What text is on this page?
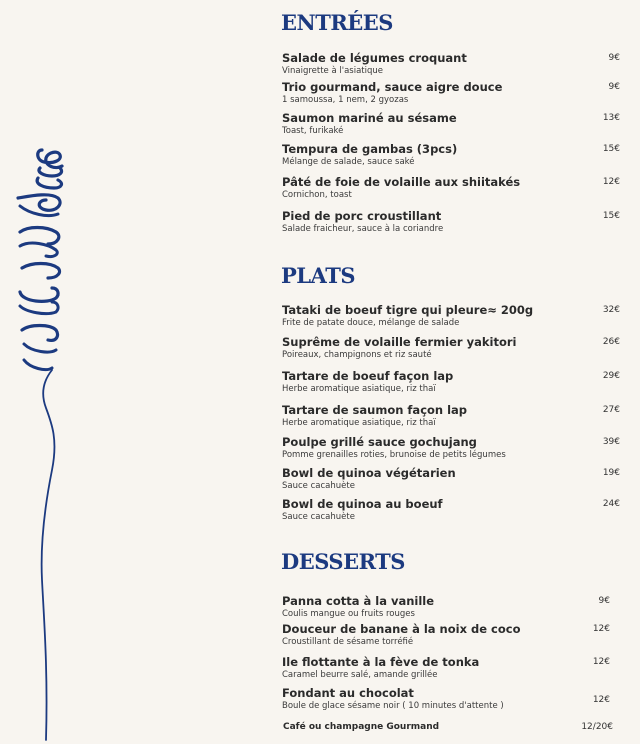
ENTRÉES
Salade de légumes croquant
Vinaigrette à l'asiatique
9€
Trio gourmand, sauce aigre douce
1 samoussa, 1 nem, 2 gyozas
9€
Saumon mariné au sésame
Toast, furikaké
13€
Tempura de gambas (3pcs)
Mélange de salade, sauce saké
15€
Pâté de foie de volaille aux shiitakés
Cornichon, toast
12€
Pied de porc croustillant
Salade fraicheur, sauce à la coriandre
15€
PLATS
Tataki de boeuf tigre qui pleure≈ 200g
Frite de patate douce, mélange de salade
32€
Suprême de volaille fermier yakitori
Poireaux, champignons et riz sauté
26€
Tartare de boeuf façon lap
Herbe aromatique asiatique, riz thaï
29€
Tartare de saumon façon lap
Herbe aromatique asiatique, riz thaï
27€
Poulpe grillé sauce gochujang
Pomme grenailles roties, brunoise de petits légumes
39€
Bowl de quinoa végétarien
Sauce cacahuète
19€
Bowl de quinoa au boeuf
Sauce cacahuète
24€
DESSERTS
Panna cotta à la vanille
Coulis mangue ou fruits rouges
9€
Douceur de banane à la noix de coco
Croustillant de sésame torréfié
12€
Ile flottante à la fève de tonka
Caramel beurre salé, amande grillée
12€
Fondant au chocolat
Boule de glace sésame noir ( 10 minutes d'attente )
12€
Café ou champagne Gourmand	12/20€
